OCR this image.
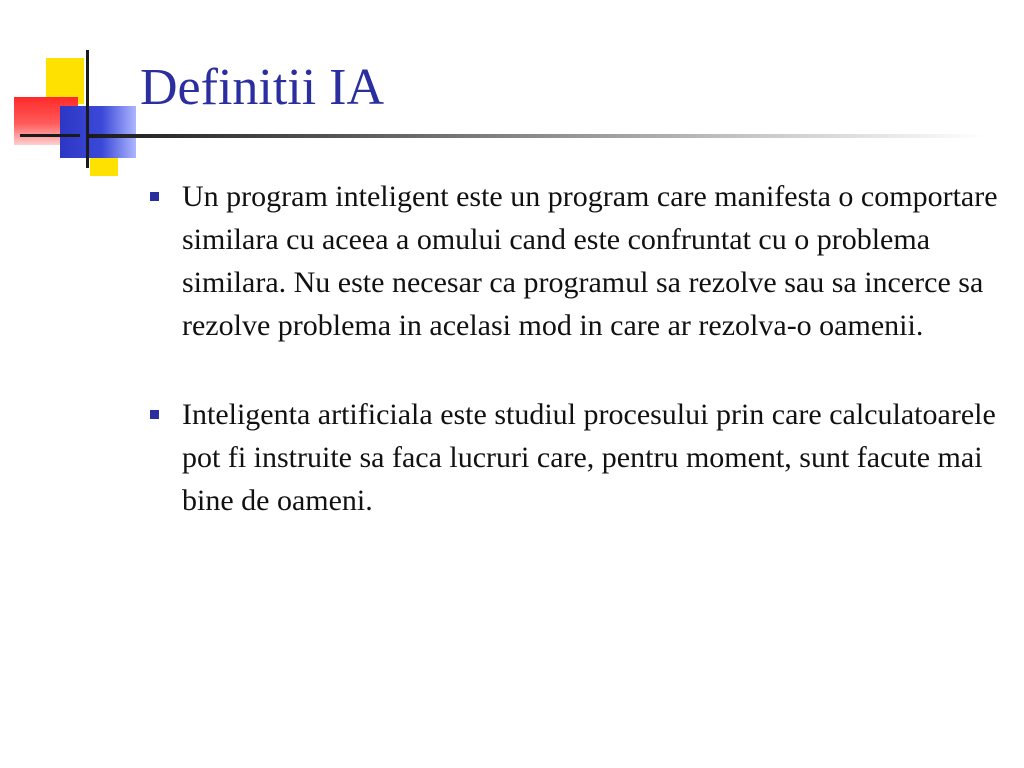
Definitii IA
Un program inteligent este un program care manifesta o comportare similara cu aceea a omului cand este confruntat cu o problema similara. Nu este necesar ca programul sa rezolve sau sa incerce sa rezolve problema in acelasi mod in care ar rezolva-o oamenii.
Inteligenta artificiala este studiul procesului prin care calculatoarele pot fi instruite sa faca lucruri care, pentru moment, sunt facute mai bine de oameni.
